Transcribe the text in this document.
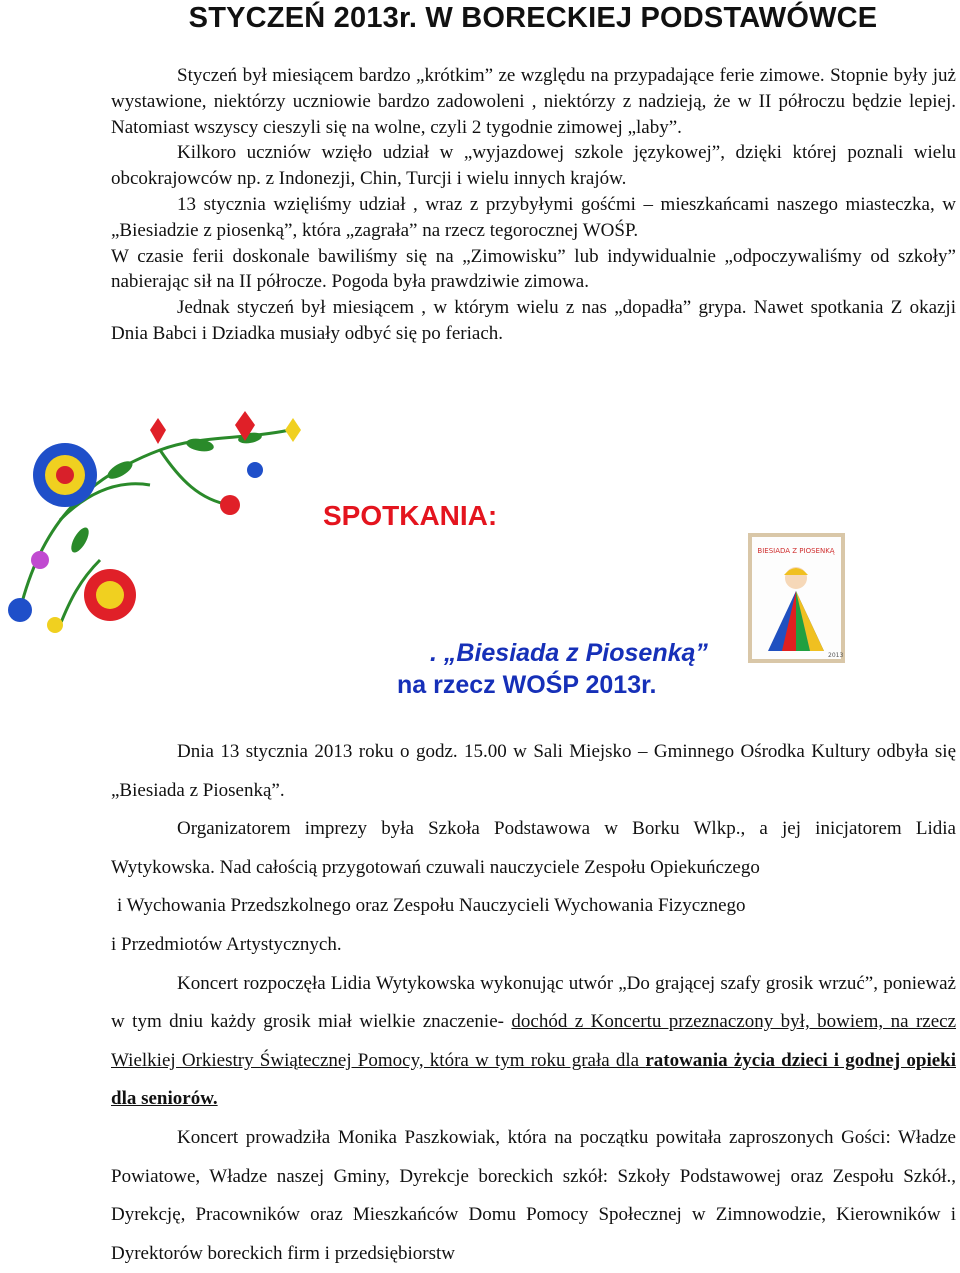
STYCZEŃ 2013r. W BORECKIEJ PODSTAWÓWCE

Styczeń był miesiącem bardzo „krótkim” ze względu na przypadające ferie zimowe. Stopnie były już wystawione, niektórzy uczniowie bardzo zadowoleni , niektórzy z nadzieją, że w II półroczu będzie lepiej. Natomiast wszyscy cieszyli się na wolne, czyli 2 tygodnie zimowej „laby”.

Kilkoro uczniów wzięło udział w „wyjazdowej szkole językowej”, dzięki której poznali wielu obcokrajowców np. z Indonezji, Chin, Turcji i wielu innych krajów.

13 stycznia wzięliśmy udział , wraz z przybyłymi gośćmi – mieszkańcami naszego miasteczka, w „Biesiadzie z piosenką”, która „zagrała” na rzecz tegorocznej WOŚP.

W czasie ferii doskonale bawiliśmy się na „Zimowisku” lub indywidualnie „odpoczywaliśmy od szkoły” nabierając sił na II półrocze. Pogoda była prawdziwie zimowa.

Jednak styczeń był miesiącem , w którym wielu z nas „dopadła” grypa. Nawet spotkania Z okazji Dnia Babci i Dziadka musiały odbyć się po feriach.

SPOTKANIA:
BIESIADA Z PIOSENKĄ
2013
. „Biesiada z Piosenką”
na rzecz WOŚP 2013r.

Dnia 13 stycznia 2013 roku o godz. 15.00 w Sali Miejsko – Gminnego Ośrodka Kultury odbyła się „Biesiada z Piosenką”.

Organizatorem imprezy była Szkoła Podstawowa w Borku Wlkp., a jej inicjatorem Lidia Wytykowska. Nad całością przygotowań czuwali nauczyciele Zespołu Opiekuńczego

i Wychowania Przedszkolnego oraz Zespołu Nauczycieli Wychowania Fizycznego

i Przedmiotów Artystycznych.

Koncert rozpoczęła Lidia Wytykowska wykonując utwór „Do grającej szafy grosik wrzuć”, ponieważ w tym dniu każdy grosik miał wielkie znaczenie- dochód z Koncertu przeznaczony był, bowiem, na rzecz Wielkiej Orkiestry Świątecznej Pomocy, która w tym roku grała dla ratowania życia dzieci i godnej opieki dla seniorów.

Koncert prowadziła Monika Paszkowiak, która na początku powitała zaproszonych Gości: Władze Powiatowe, Władze naszej Gminy, Dyrekcje boreckich szkół: Szkoły Podstawowej oraz Zespołu Szkół., Dyrekcję, Pracowników oraz Mieszkańców Domu Pomocy Społecznej w Zimnowodzie, Kierowników i Dyrektorów boreckich firm i przedsiębiorstw
